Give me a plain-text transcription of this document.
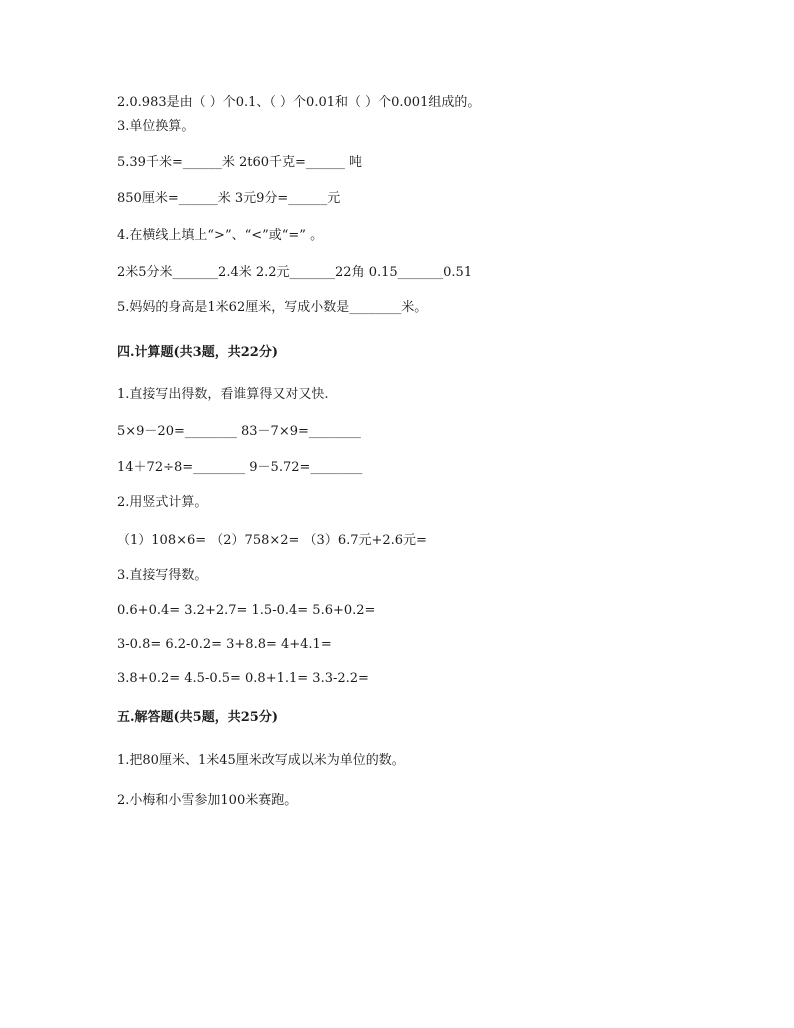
2.0.983是由（ ）个0.1、（ ）个0.01和（ ）个0.001组成的。
3.单位换算。
5.39千米=______米 2t60千克=______ 吨
850厘米=______米 3元9分=______元
4.在横线上填上“>”、“<”或“=” 。
2米5分米_______2.4米 2.2元_______22角 0.15_______0.51
5.妈妈的身高是1米62厘米，写成小数是________米。
四.计算题(共3题，共22分)
1.直接写出得数，看谁算得又对又快.
5×9－20=________ 83－7×9=________
14＋72÷8=________ 9－5.72=________
2.用竖式计算。
（1）108×6= （2）758×2= （3）6.7元+2.6元=
3.直接写得数。
0.6+0.4= 3.2+2.7= 1.5-0.4= 5.6+0.2=
3-0.8= 6.2-0.2= 3+8.8= 4+4.1=
3.8+0.2= 4.5-0.5= 0.8+1.1= 3.3-2.2=
五.解答题(共5题，共25分)
1.把80厘米、1米45厘米改写成以米为单位的数。
2.小梅和小雪参加100米赛跑。
